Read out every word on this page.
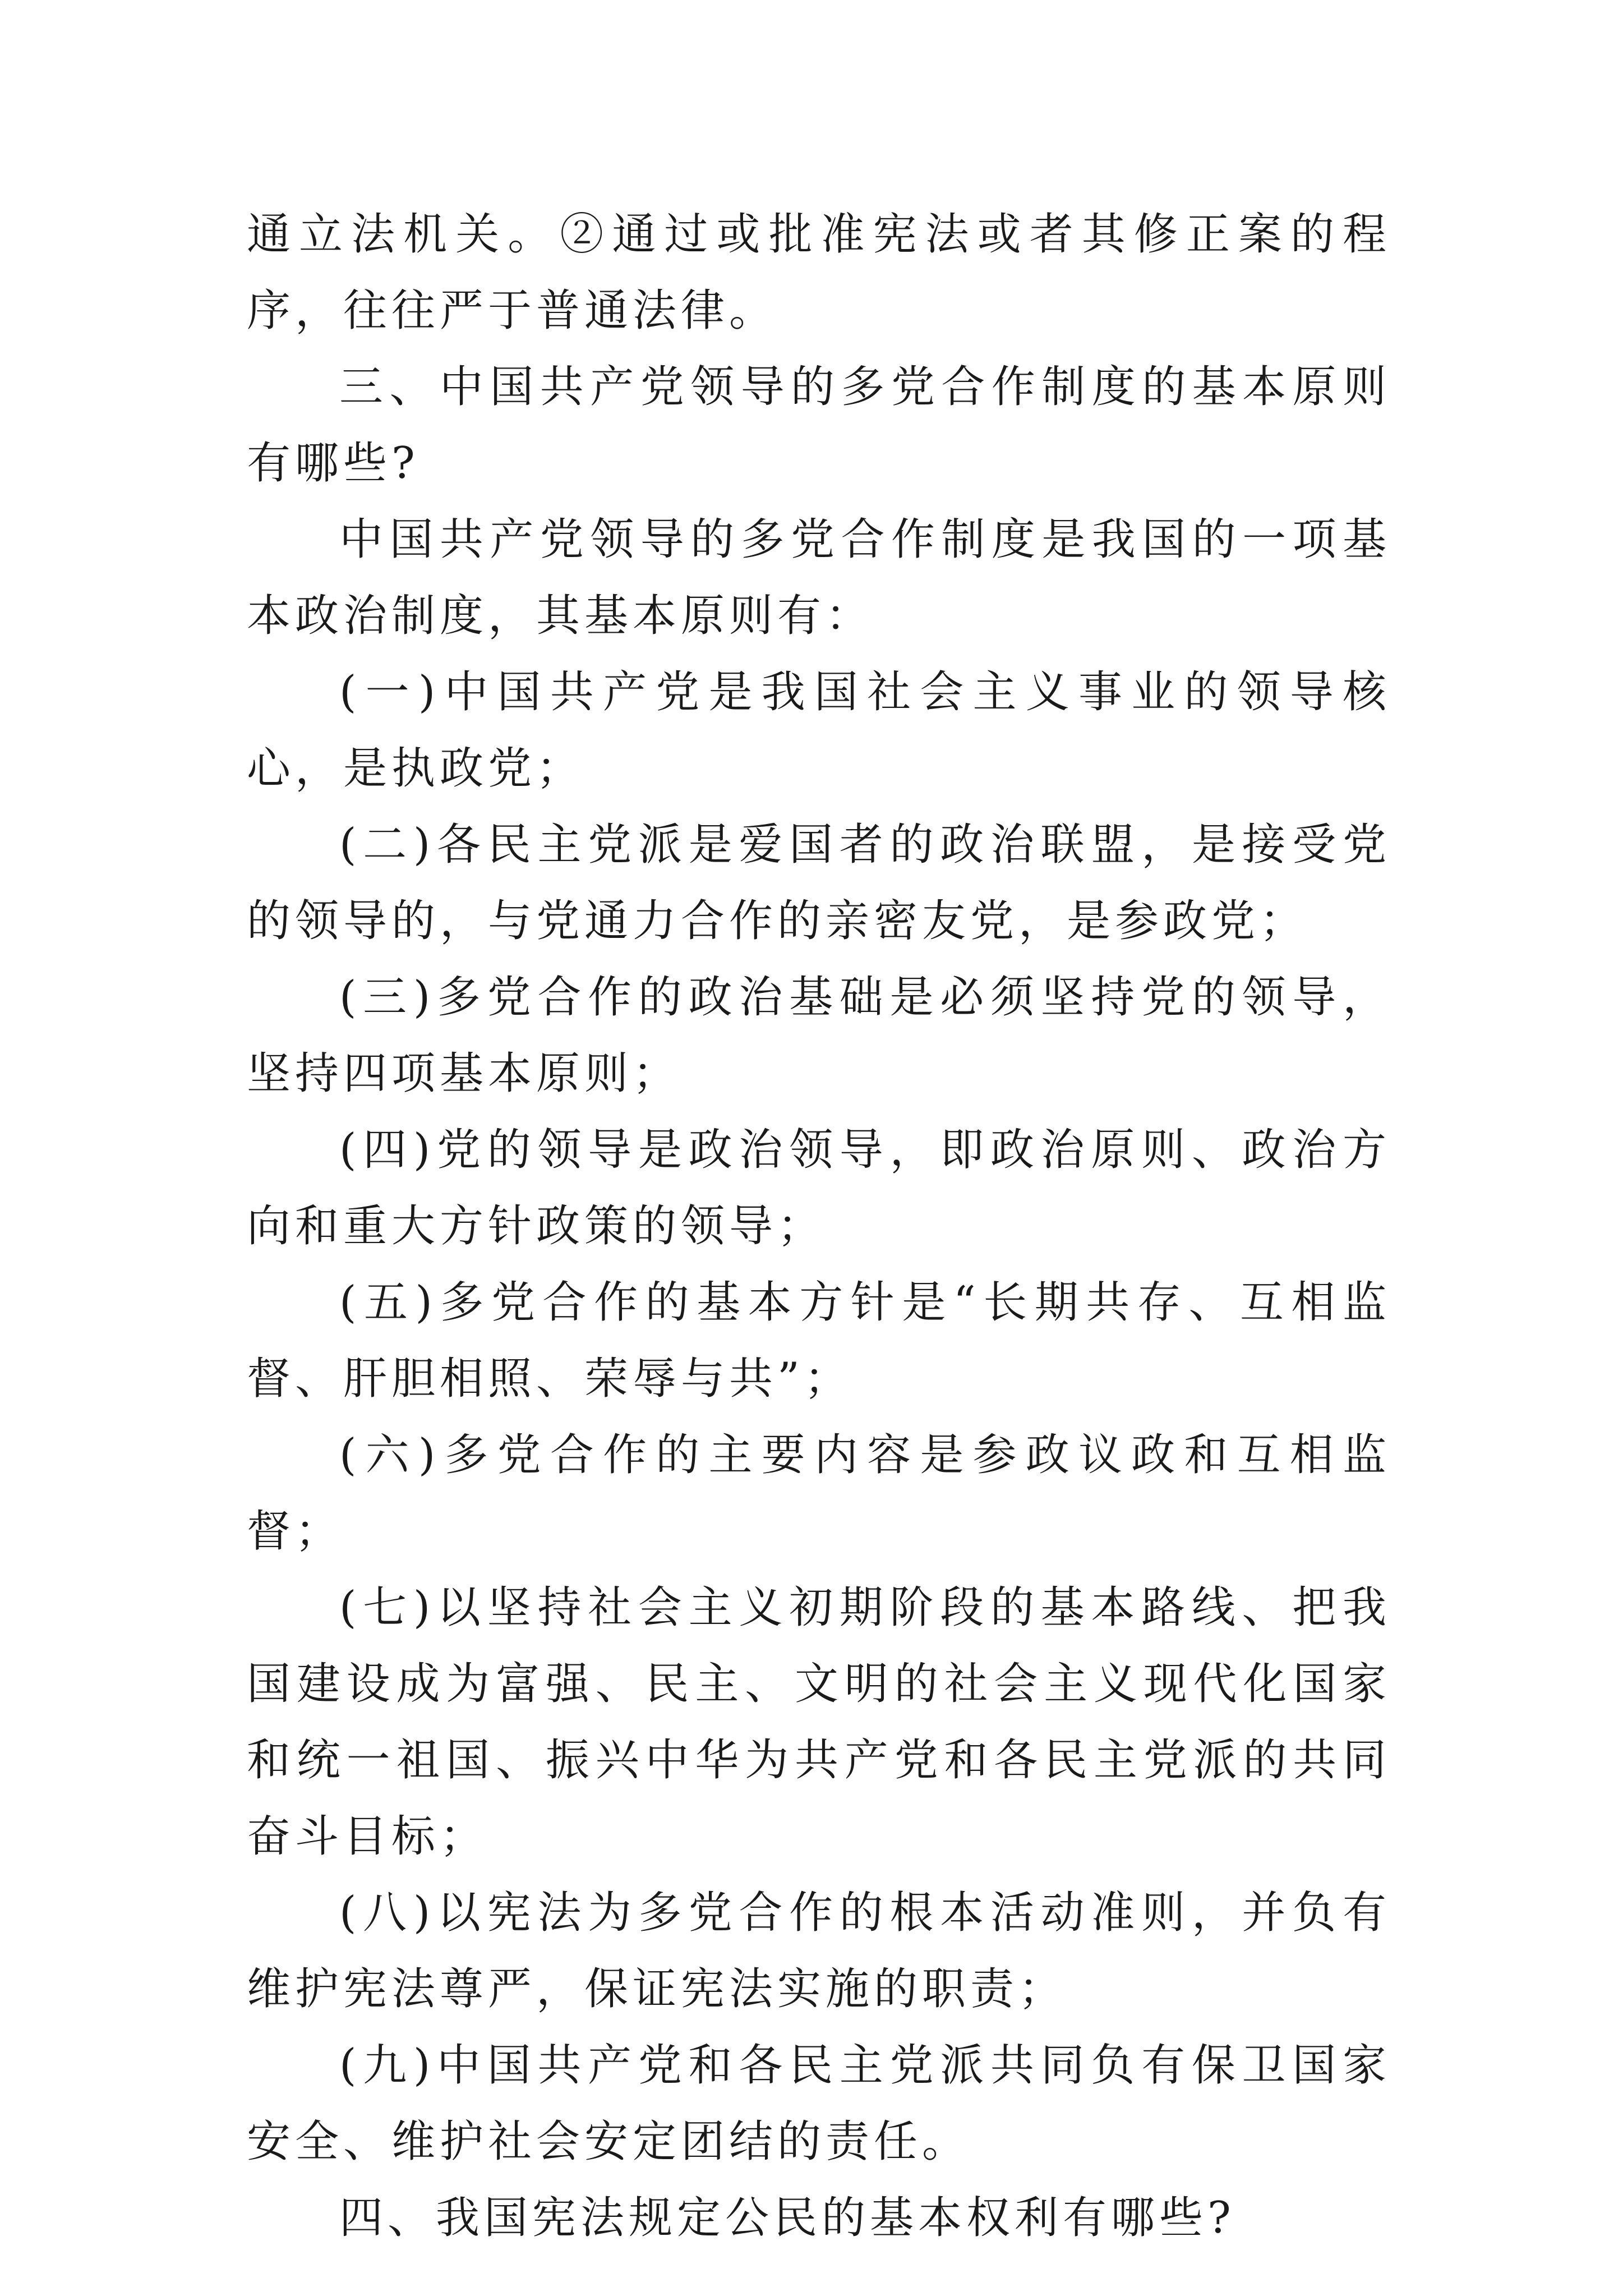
通立法机关。②通过或批准宪法或者其修正案的程序，往往严于普通法律。

三、中国共产党领导的多党合作制度的基本原则有哪些?

中国共产党领导的多党合作制度是我国的一项基本政治制度，其基本原则有：

(一)中国共产党是我国社会主义事业的领导核心，是执政党；

(二)各民主党派是爱国者的政治联盟，是接受党的领导的，与党通力合作的亲密友党，是参政党；

(三)多党合作的政治基础是必须坚持党的领导，坚持四项基本原则；

(四)党的领导是政治领导，即政治原则、政治方向和重大方针政策的领导；

(五)多党合作的基本方针是“长期共存、互相监督、肝胆相照、荣辱与共”；

(六)多党合作的主要内容是参政议政和互相监督；

(七)以坚持社会主义初期阶段的基本路线、把我国建设成为富强、民主、文明的社会主义现代化国家和统一祖国、振兴中华为共产党和各民主党派的共同奋斗目标；

(八)以宪法为多党合作的根本活动准则，并负有维护宪法尊严，保证宪法实施的职责；

(九)中国共产党和各民主党派共同负有保卫国家安全、维护社会安定团结的责任。

四、我国宪法规定公民的基本权利有哪些?
